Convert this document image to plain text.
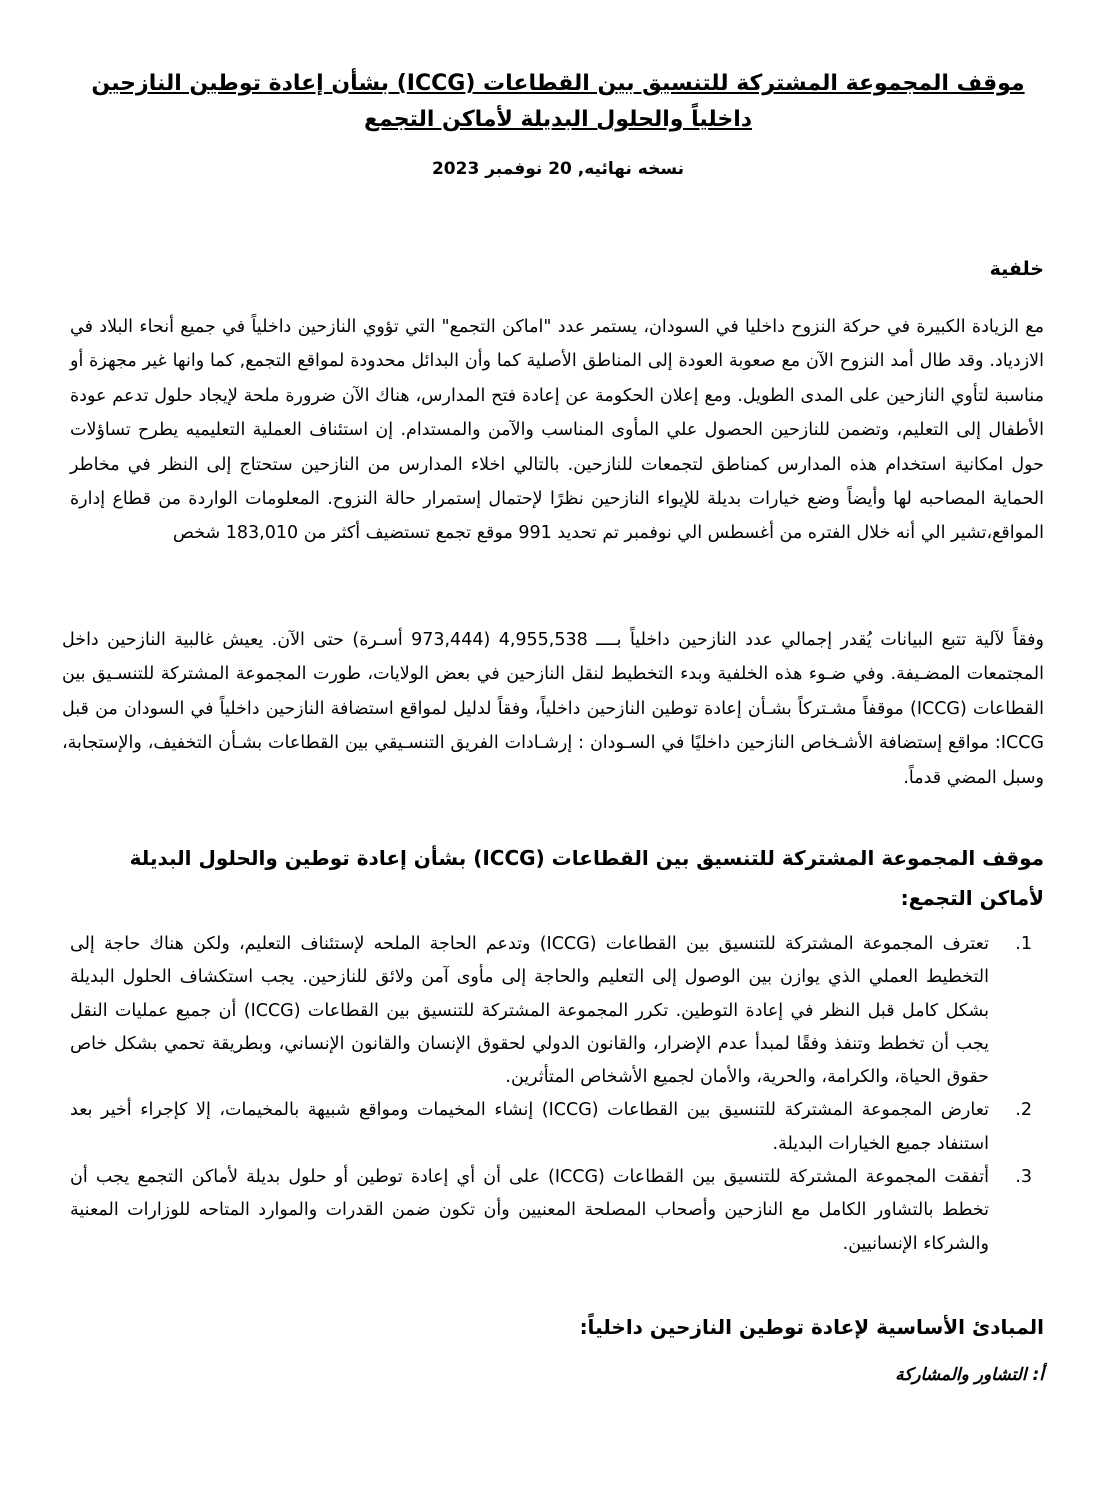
موقف المجموعة المشتركة للتنسيق بين القطاعات (ICCG) بشأن إعادة توطين النازحين داخلياً والحلول البديلة لأماكن التجمع

نسخه نهائيه, 20 نوفمبر 2023

خلفية

مع الزيادة الكبيرة في حركة النزوح داخليا في السودان، يستمر عدد "اماكن التجمع" التي تؤوي النازحين داخلياً في جميع أنحاء البلاد في الازدياد. وقد طال أمد النزوح الآن مع صعوبة العودة إلى المناطق الأصلية كما وأن البدائل محدودة لمواقع التجمع, كما وانها غير مجهزة أو مناسبة لتأوي النازحين على المدى الطويل. ومع إعلان الحكومة عن إعادة فتح المدارس، هناك الآن ضرورة ملحة لإيجاد حلول تدعم عودة الأطفال إلى التعليم، وتضمن للنازحين الحصول علي المأوى المناسب والآمن والمستدام. إن استئناف العملية التعليميه يطرح تساؤلات حول امكانية استخدام هذه المدارس كمناطق لتجمعات للنازحين. بالتالي اخلاء المدارس من النازحين ستحتاج إلى النظر في مخاطر الحماية المصاحبه لها وأيضاً وضع خيارات بديلة للإيواء النازحين نظرًا لإحتمال إستمرار حالة النزوح. المعلومات الواردة من قطاع إدارة المواقع،تشير الي أنه خلال الفتره من أغسطس الي نوفمبر تم تحديد 991 موقع تجمع تستضيف أكثر من 183,010 شخص

وفقاً لآلية تتبع البيانات يُقدر إجمالي عدد النازحين داخلياً بــــ 4,955,538 (973,444 أسـرة) حتى الآن. يعيش غالبية النازحين داخل المجتمعات المضـيفة. وفي ضـوء هذه الخلفية وبدء التخطيط لنقل النازحين في بعض الولايات، طورت المجموعة المشتركة للتنسـيق بين القطاعات (ICCG) موقفاً مشـتركاً بشـأن إعادة توطين النازحين داخلياً، وفقاً لدليل لمواقع استضافة النازحين داخلياً في السودان من قبل ICCG: مواقع إستضافة الأشـخاص النازحين داخليًا في السـودان : إرشـادات الفريق التنسـيقي بين القطاعات بشـأن التخفيف، والإستجابة، وسبل المضي قدماً.

موقف المجموعة المشتركة للتنسيق بين القطاعات (ICCG) بشأن إعادة توطين والحلول البديلة لأماكن التجمع:
1.
تعترف المجموعة المشتركة للتنسيق بين القطاعات (ICCG) وتدعم الحاجة الملحه لإستئناف التعليم، ولكن هناك حاجة إلى التخطيط العملي الذي يوازن بين الوصول إلى التعليم والحاجة إلى مأوى آمن ولائق للنازحين. يجب استكشاف الحلول البديلة بشكل كامل قبل النظر في إعادة التوطين. تكرر المجموعة المشتركة للتنسيق بين القطاعات (ICCG) أن جميع عمليات النقل يجب أن تخطط وتنفذ وفقًا لمبدأ عدم الإضرار، والقانون الدولي لحقوق الإنسان والقانون الإنساني، وبطريقة تحمي بشكل خاص حقوق الحياة، والكرامة، والحرية، والأمان لجميع الأشخاص المتأثرين.
2.
تعارض المجموعة المشتركة للتنسيق بين القطاعات (ICCG) إنشاء المخيمات ومواقع شبيهة بالمخيمات، إلا كإجراء أخير بعد استنفاد جميع الخيارات البديلة.
3.
أتفقت المجموعة المشتركة للتنسيق بين القطاعات (ICCG) على أن أي إعادة توطين أو حلول بديلة لأماكن التجمع يجب أن تخطط بالتشاور الكامل مع النازحين وأصحاب المصلحة المعنيين وأن تكون ضمن القدرات والموارد المتاحه للوزارات المعنية والشركاء الإنسانيين.
المبادئ الأساسية لإعادة توطين النازحين داخلياً:
أ: التشاور والمشاركة
